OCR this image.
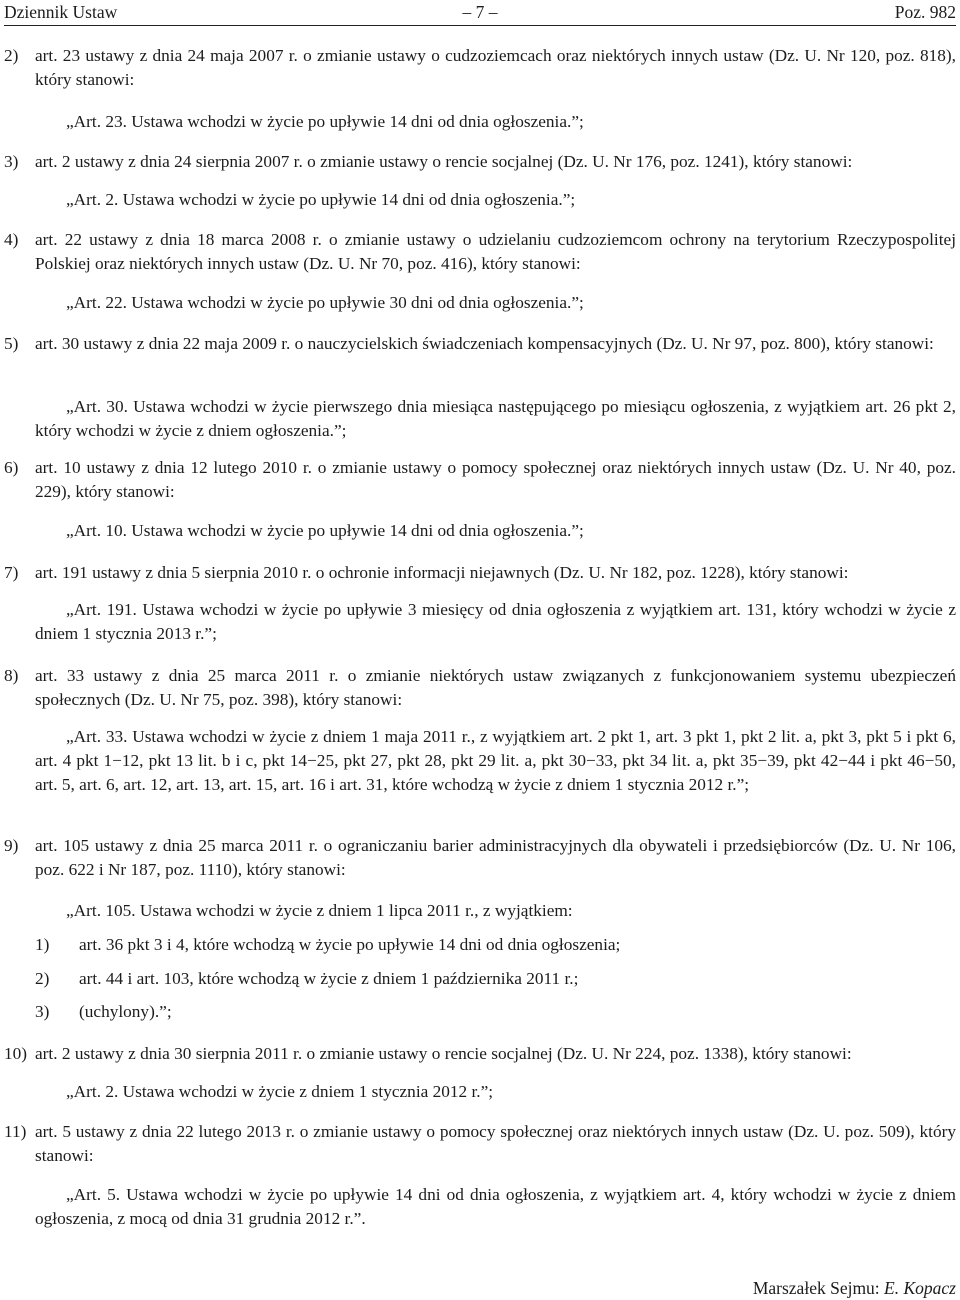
Dziennik Ustaw	– 7 –	Poz. 982
2) art. 23 ustawy z dnia 24 maja 2007 r. o zmianie ustawy o cudzoziemcach oraz niektórych innych ustaw (Dz. U. Nr 120, poz. 818), który stanowi:
„Art. 23. Ustawa wchodzi w życie po upływie 14 dni od dnia ogłoszenia.”;
3) art. 2 ustawy z dnia 24 sierpnia 2007 r. o zmianie ustawy o rencie socjalnej (Dz. U. Nr 176, poz. 1241), który stanowi:
„Art. 2. Ustawa wchodzi w życie po upływie 14 dni od dnia ogłoszenia.”;
4) art. 22 ustawy z dnia 18 marca 2008 r. o zmianie ustawy o udzielaniu cudzoziemcom ochrony na terytorium Rzeczypospolitej Polskiej oraz niektórych innych ustaw (Dz. U. Nr 70, poz. 416), który stanowi:
„Art. 22. Ustawa wchodzi w życie po upływie 30 dni od dnia ogłoszenia.”;
5) art. 30 ustawy z dnia 22 maja 2009 r. o nauczycielskich świadczeniach kompensacyjnych (Dz. U. Nr 97, poz. 800), który stanowi:
„Art. 30. Ustawa wchodzi w życie pierwszego dnia miesiąca następującego po miesiącu ogłoszenia, z wyjątkiem art. 26 pkt 2, który wchodzi w życie z dniem ogłoszenia.”;
6) art. 10 ustawy z dnia 12 lutego 2010 r. o zmianie ustawy o pomocy społecznej oraz niektórych innych ustaw (Dz. U. Nr 40, poz. 229), który stanowi:
„Art. 10. Ustawa wchodzi w życie po upływie 14 dni od dnia ogłoszenia.”;
7) art. 191 ustawy z dnia 5 sierpnia 2010 r. o ochronie informacji niejawnych (Dz. U. Nr 182, poz. 1228), który stanowi:
„Art. 191. Ustawa wchodzi w życie po upływie 3 miesięcy od dnia ogłoszenia z wyjątkiem art. 131, który wchodzi w życie z dniem 1 stycznia 2013 r.”;
8) art. 33 ustawy z dnia 25 marca 2011 r. o zmianie niektórych ustaw związanych z funkcjonowaniem systemu ubezpieczeń społecznych (Dz. U. Nr 75, poz. 398), który stanowi:
„Art. 33. Ustawa wchodzi w życie z dniem 1 maja 2011 r., z wyjątkiem art. 2 pkt 1, art. 3 pkt 1, pkt 2 lit. a, pkt 3, pkt 5 i pkt 6, art. 4 pkt 1−12, pkt 13 lit. b i c, pkt 14−25, pkt 27, pkt 28, pkt 29 lit. a, pkt 30−33, pkt 34 lit. a, pkt 35−39, pkt 42−44 i pkt 46−50, art. 5, art. 6, art. 12, art. 13, art. 15, art. 16 i art. 31, które wchodzą w życie z dniem 1 stycznia 2012 r.”;
9) art. 105 ustawy z dnia 25 marca 2011 r. o ograniczaniu barier administracyjnych dla obywateli i przedsiębiorców (Dz. U. Nr 106, poz. 622 i Nr 187, poz. 1110), który stanowi:
„Art. 105. Ustawa wchodzi w życie z dniem 1 lipca 2011 r., z wyjątkiem:
1) art. 36 pkt 3 i 4, które wchodzą w życie po upływie 14 dni od dnia ogłoszenia;
2) art. 44 i art. 103, które wchodzą w życie z dniem 1 października 2011 r.;
3) (uchylony).”;
10) art. 2 ustawy z dnia 30 sierpnia 2011 r. o zmianie ustawy o rencie socjalnej (Dz. U. Nr 224, poz. 1338), który stanowi:
„Art. 2. Ustawa wchodzi w życie z dniem 1 stycznia 2012 r.”;
11) art. 5 ustawy z dnia 22 lutego 2013 r. o zmianie ustawy o pomocy społecznej oraz niektórych innych ustaw (Dz. U. poz. 509), który stanowi:
„Art. 5. Ustawa wchodzi w życie po upływie 14 dni od dnia ogłoszenia, z wyjątkiem art. 4, który wchodzi w życie z dniem ogłoszenia, z mocą od dnia 31 grudnia 2012 r.”.
Marszałek Sejmu: E. Kopacz
